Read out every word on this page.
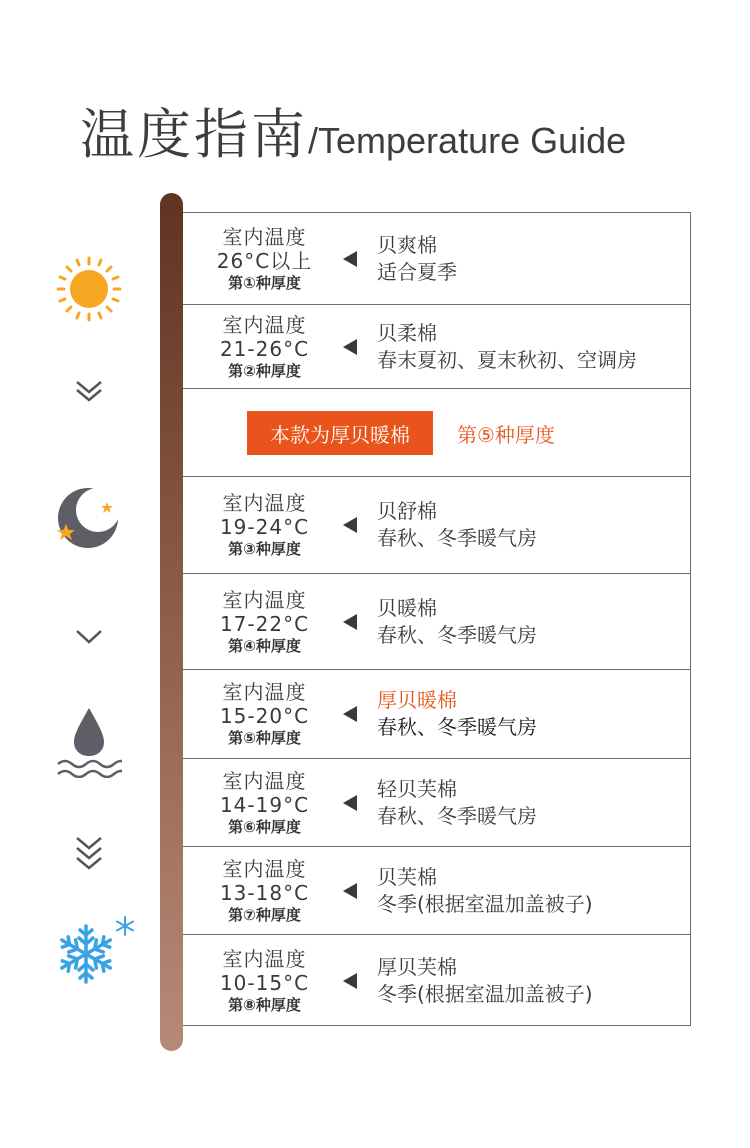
温度指南/Temperature Guide
室内温度
26°C以上
第①种厚度
贝爽棉
适合夏季
室内温度
21-26°C
第②种厚度
贝柔棉
春末夏初、夏末秋初、空调房
本款为厚贝暖棉	第⑤种厚度
室内温度
19-24°C
第③种厚度
贝舒棉
春秋、冬季暖气房
室内温度
17-22°C
第④种厚度
贝暖棉
春秋、冬季暖气房
室内温度
15-20°C
第⑤种厚度
厚贝暖棉
春秋、冬季暖气房
室内温度
14-19°C
第⑥种厚度
轻贝芙棉
春秋、冬季暖气房
室内温度
13-18°C
第⑦种厚度
贝芙棉
冬季(根据室温加盖被子)
室内温度
10-15°C
第⑧种厚度
厚贝芙棉
冬季(根据室温加盖被子)
